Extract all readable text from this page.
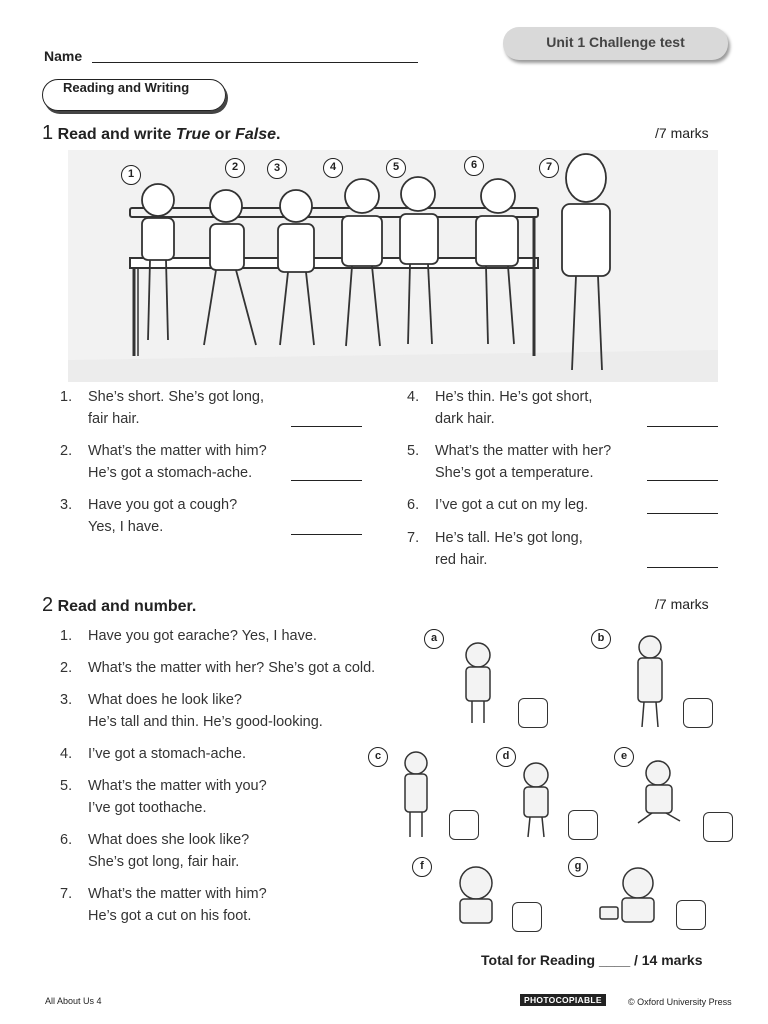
Unit 1 Challenge test
Name
Reading and Writing
1 Read and write True or False.	/7 marks
1
2	3	4	5	6	7
1. She’s short. She’s got long,
fair hair.
2. What’s the matter with him?
He’s got a stomach-ache.
3. Have you got a cough?
Yes, I have.
4. He’s thin. He’s got short,
dark hair.
5. What’s the matter with her?
She’s got a temperature.
6. I’ve got a cut on my leg.
7. He’s tall. He’s got long,
red hair.
2 Read and number.	/7 marks
1. Have you got earache? Yes, I have.
2. What’s the matter with her? She’s got a cold.
3. What does he look like?
He’s tall and thin. He’s good-looking.
4. I’ve got a stomach-ache.
5. What’s the matter with you?
I’ve got toothache.
6. What does she look like?
She’s got long, fair hair.
7. What’s the matter with him?
He’s got a cut on his foot.
a	b
c	d	e
f	g
Total for Reading ____ / 14 marks
All About Us 4	PHOTOCOPIABLE	© Oxford University Press
